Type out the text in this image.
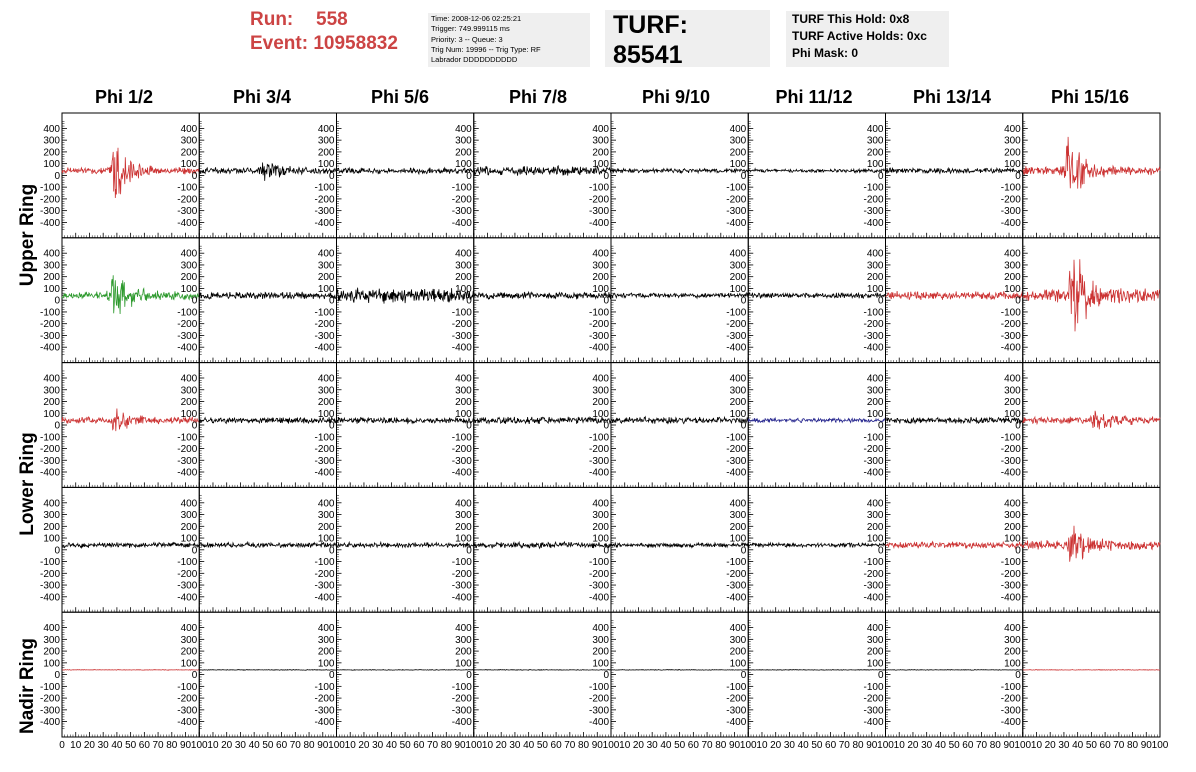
Run:	558
Event:
10958832
Time: 2008-12-06 02:25:21
Trigger: 749.999115 ms
Priority: 3 -- Queue: 3
Trig Num: 19996 -- Trig Type: RF
Labrador DDDDDDDDDD
TURF: 85541
TURF This Hold: 0x8
TURF Active Holds: 0xc
Phi Mask: 0
Phi 1/2	Phi 3/4	Phi 5/6	Phi 7/8	Phi 9/10	Phi 11/12	Phi 13/14	Phi 15/16
Upper Ring
Lower Ring
Nadir Ring
-400
-300
-200
-100
0
100
200
300
400
-400
-300
-200
-100
0
100
200
300
400
-400
-300
-200
-100
0
100
200
300
400
-400
-300
-200
-100
0
100
200
300
400
-400
-300
-200
-100
0
100
200
300
400
-400
-300
-200
-100
0
100
200
300
400
-400
-300
-200
-100
0
100
200
300
400
-400
-300
-200
-100
0
100
200
300
400
-400
-300
-200
-100
0
100
200
300
400
-400
-300
-200
-100
0
100
200
300
400
-400
-300
-200
-100
0
100
200
300
400
-400
-300
-200
-100
0
100
200
300
400
-400
-300
-200
-100
0
100
200
300
400
-400
-300
-200
-100
0
100
200
300
400
-400
-300
-200
-100
0
100
200
300
400
-400
-300
-200
-100
0
100
200
300
400
-400
-300
-200
-100
0
100
200
300
400
-400
-300
-200
-100
0
100
200
300
400
-400
-300
-200
-100
0
100
200
300
400
-400
-300
-200
-100
0
100
200
300
400
-400
-300
-200
-100
0
100
200
300
400
-400
-300
-200
-100
0
100
200
300
400
-400
-300
-200
-100
0
100
200
300
400
-400
-300
-200
-100
0
100
200
300
400
-400
-300
-200
-100
0
100
200
300
400
-400
-300
-200
-100
0
100
200
300
400
-400
-300
-200
-100
0
100
200
300
400
-400
-300
-200
-100
0
100
200
300
400
-400
-300
-200
-100
0
100
200
300
400
-400
-300
-200
-100
0
100
200
300
400
-400
-300
-200
-100
0
100
200
300
400
-400
-300
-200
-100
0
100
200
300
400
-400
-300
-200
-100
0
100
200
300
400
-400
-300
-200
-100
0
100
200
300
400
-400
-300
-200
-100
0
100
200
300
400
-400
-300
-200
-100
0
100
200
300
400
-400
-300
-200
-100
0
100
200
300
400
-400
-300
-200
-100
0
100
200
300
400
-400
-300
-200
-100
0
100
200
300
400
-400
-300
-200
-100
0
100
200
300
400
0 10 20 30 40 50 60 70 80 90 100 10 20 30 40 50 60 70 80 90 100 10 20 30 40 50 60 70 80 90 100 10 20 30 40 50 60 70 80 90 100 10 20 30 40 50 60 70 80 90 100 10 20 30 40 50 60 70 80 90 100 10 20 30 40 50 60 70 80 90 100 10 20 30 40 50 60 70 80 90 100
